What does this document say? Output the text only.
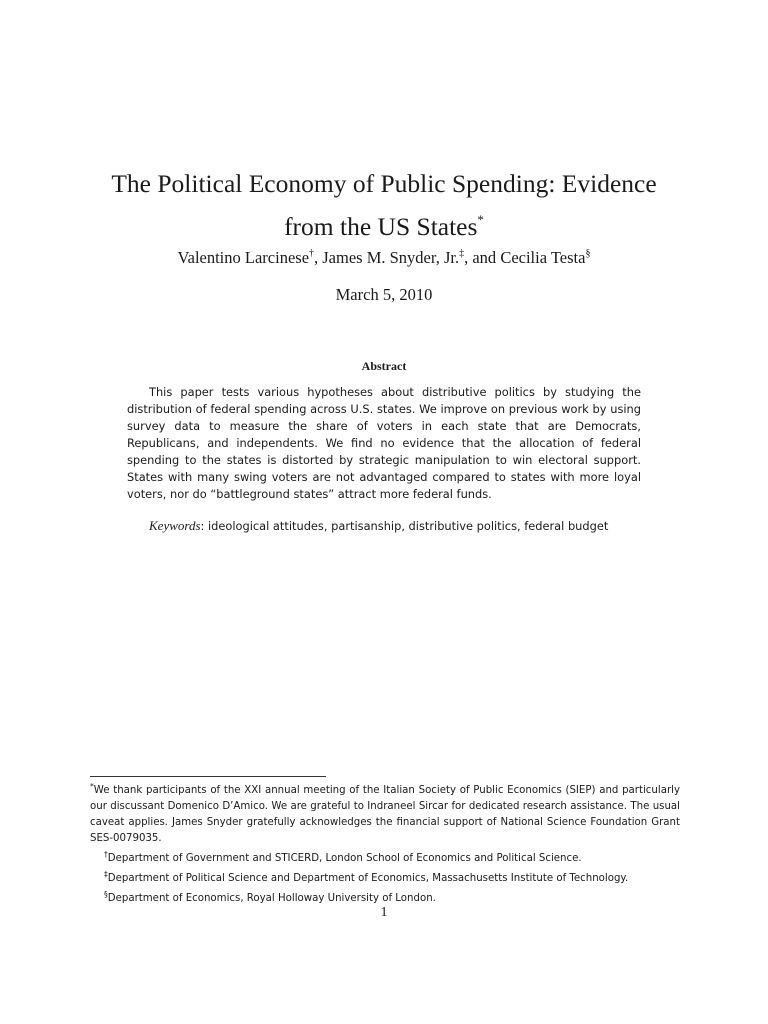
The Political Economy of Public Spending: Evidence
from the US States*
Valentino Larcinese†, James M. Snyder, Jr.‡, and Cecilia Testa§
March 5, 2010
Abstract

This paper tests various hypotheses about distributive politics by studying the distribution of federal spending across U.S. states. We improve on previous work by using survey data to measure the share of voters in each state that are Democrats, Republicans, and independents. We find no evidence that the allocation of federal spending to the states is distorted by strategic manipulation to win electoral support. States with many swing voters are not advantaged compared to states with more loyal voters, nor do “battleground states” attract more federal funds.

Keywords: ideological attitudes, partisanship, distributive politics, federal budget

*We thank participants of the XXI annual meeting of the Italian Society of Public Economics (SIEP) and particularly our discussant Domenico D’Amico. We are grateful to Indraneel Sircar for dedicated research assistance. The usual caveat applies. James Snyder gratefully acknowledges the financial support of National Science Foundation Grant SES-0079035.

†Department of Government and STICERD, London School of Economics and Political Science.

‡Department of Political Science and Department of Economics, Massachusetts Institute of Technology.

§Department of Economics, Royal Holloway University of London.

1
